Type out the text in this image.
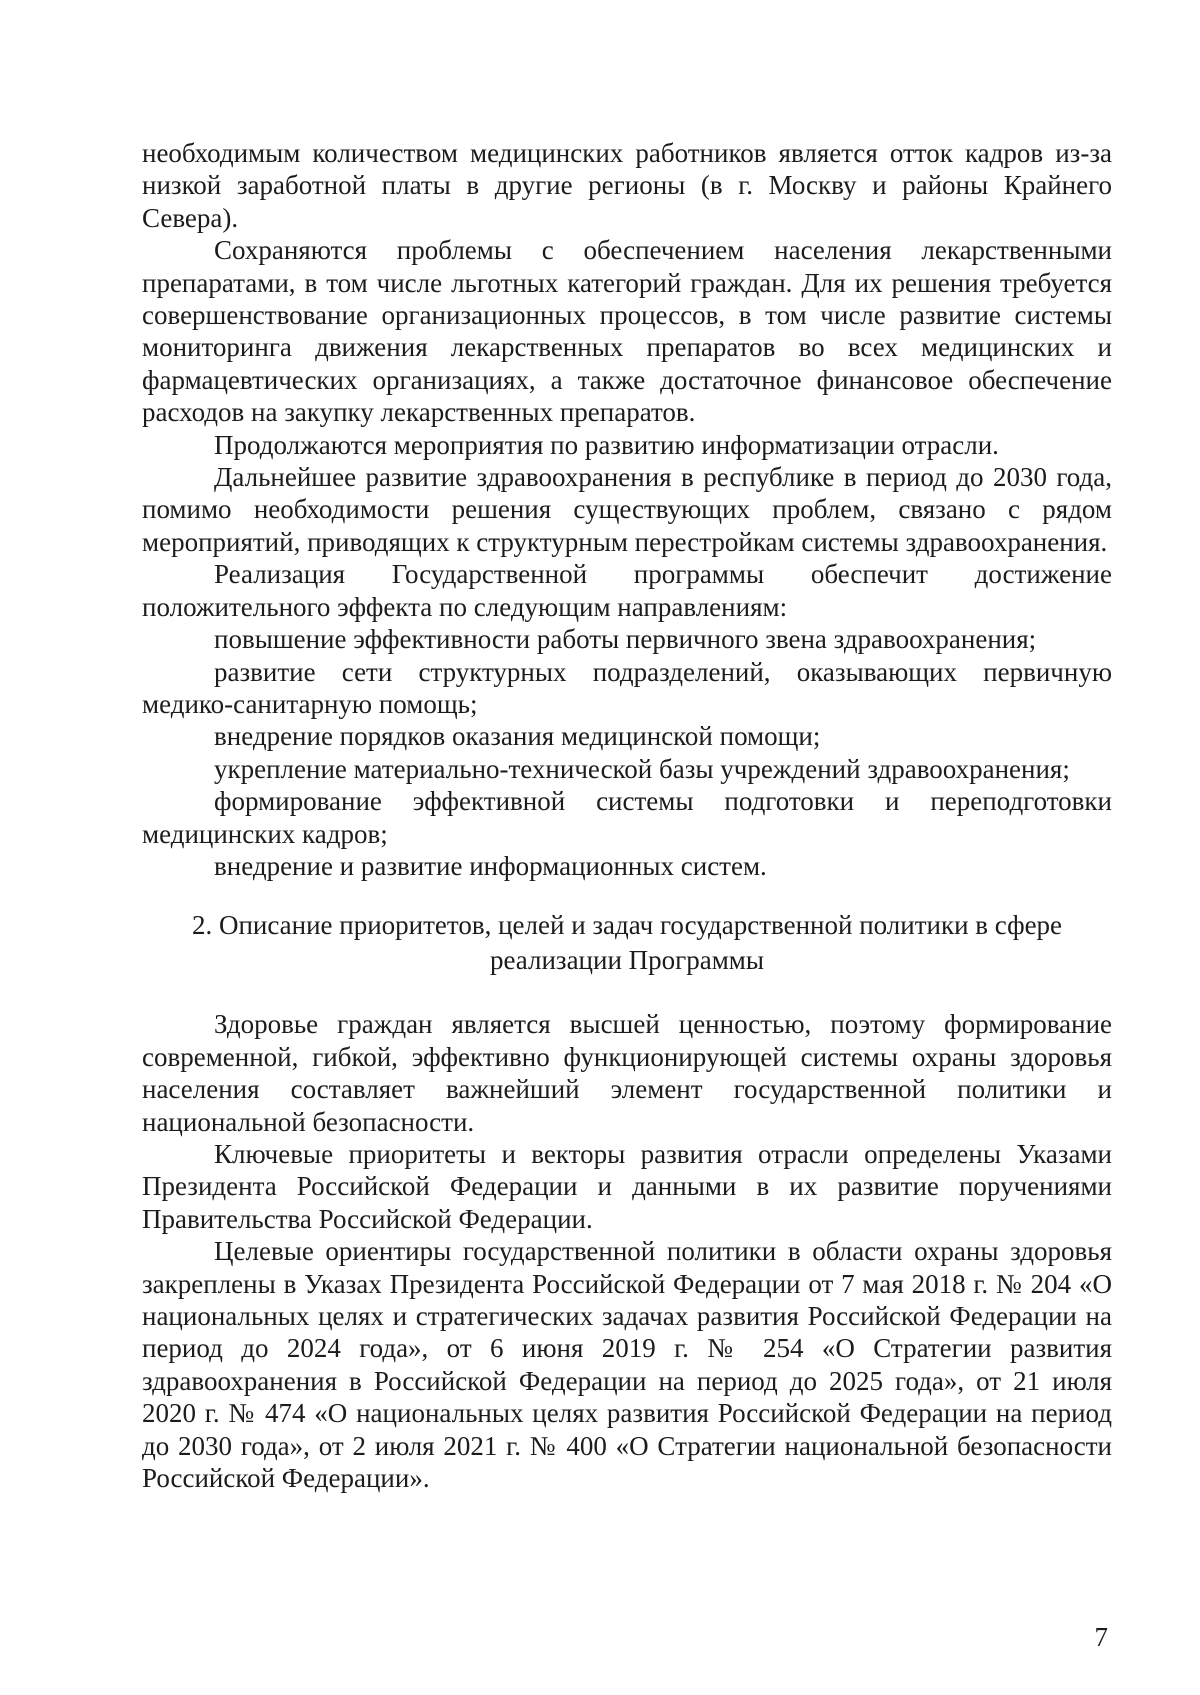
необходимым количеством медицинских работников является отток кадров из-за низкой заработной платы в другие регионы (в г. Москву и районы Крайнего Севера).

Сохраняются проблемы с обеспечением населения лекарственными препаратами, в том числе льготных категорий граждан. Для их решения требуется совершенствование организационных процессов, в том числе развитие системы мониторинга движения лекарственных препаратов во всех медицинских и фармацевтических организациях, а также достаточное финансовое обеспечение расходов на закупку лекарственных препаратов.

Продолжаются мероприятия по развитию информатизации отрасли.

Дальнейшее развитие здравоохранения в республике в период до 2030 года, помимо необходимости решения существующих проблем, связано с рядом мероприятий, приводящих к структурным перестройкам системы здравоохранения.

Реализация Государственной программы обеспечит достижение положительного эффекта по следующим направлениям:

повышение эффективности работы первичного звена здравоохранения;

развитие сети структурных подразделений, оказывающих первичную медико-санитарную помощь;

внедрение порядков оказания медицинской помощи;

укрепление материально-технической базы учреждений здравоохранения;

формирование эффективной системы подготовки и переподготовки медицинских кадров;

внедрение и развитие информационных систем.

2. Описание приоритетов, целей и задач государственной политики в сфере
реализации Программы

Здоровье граждан является высшей ценностью, поэтому формирование современной, гибкой, эффективно функционирующей системы охраны здоровья населения составляет важнейший элемент государственной политики и национальной безопасности.

Ключевые приоритеты и векторы развития отрасли определены Указами Президента Российской Федерации и данными в их развитие поручениями Правительства Российской Федерации.

Целевые ориентиры государственной политики в области охраны здоровья закреплены в Указах Президента Российской Федерации от 7 мая 2018 г. № 204 «О национальных целях и стратегических задачах развития Российской Федерации на период до 2024 года», от 6 июня 2019 г. № 254 «О Стратегии развития здравоохранения в Российской Федерации на период до 2025 года», от 21 июля 2020 г. № 474 «О национальных целях развития Российской Федерации на период до 2030 года», от 2 июля 2021 г. № 400 «О Стратегии национальной безопасности Российской Федерации».

7
